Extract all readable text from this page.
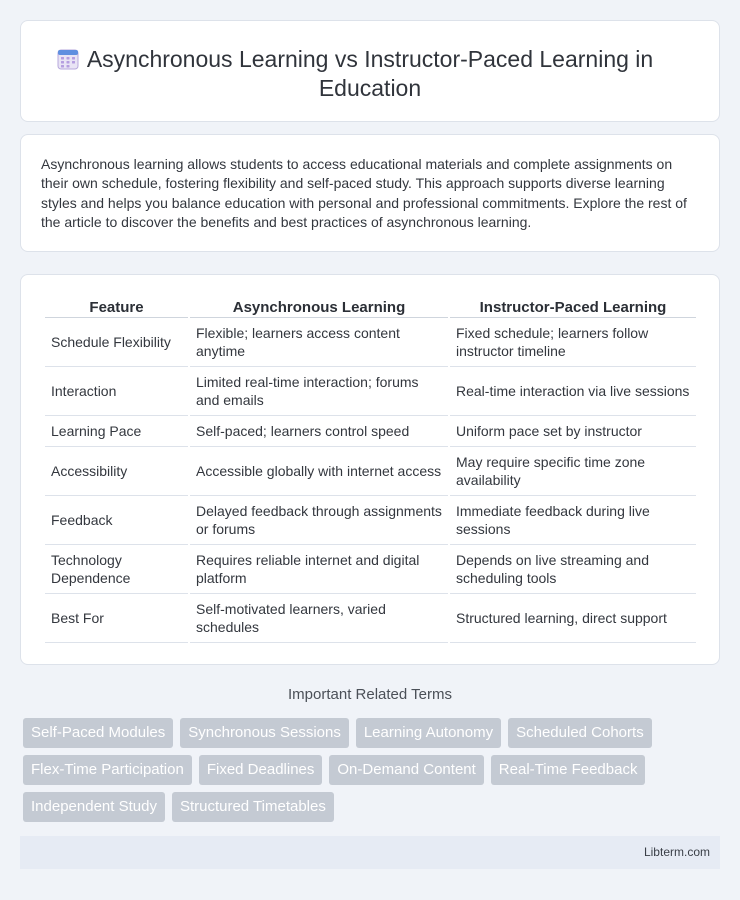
Asynchronous Learning vs Instructor-Paced Learning in Education

Asynchronous learning allows students to access educational materials and complete assignments on their own schedule, fostering flexibility and self-paced study. This approach supports diverse learning styles and helps you balance education with personal and professional commitments. Explore the rest of the article to discover the benefits and best practices of asynchronous learning.

Feature	Asynchronous Learning	Instructor-Paced Learning
Schedule Flexibility	Flexible; learners access content anytime	Fixed schedule; learners follow instructor timeline
Interaction	Limited real-time interaction; forums and emails	Real-time interaction via live sessions
Learning Pace	Self-paced; learners control speed	Uniform pace set by instructor
Accessibility	Accessible globally with internet access	May require specific time zone availability
Feedback	Delayed feedback through assignments or forums	Immediate feedback during live sessions
Technology Dependence	Requires reliable internet and digital platform	Depends on live streaming and scheduling tools
Best For	Self-motivated learners, varied schedules	Structured learning, direct support
Important Related Terms
Self-Paced Modules	Synchronous Sessions	Learning Autonomy	Scheduled Cohorts
Flex-Time Participation	Fixed Deadlines	On-Demand Content	Real-Time Feedback
Independent Study	Structured Timetables
Libterm.com
